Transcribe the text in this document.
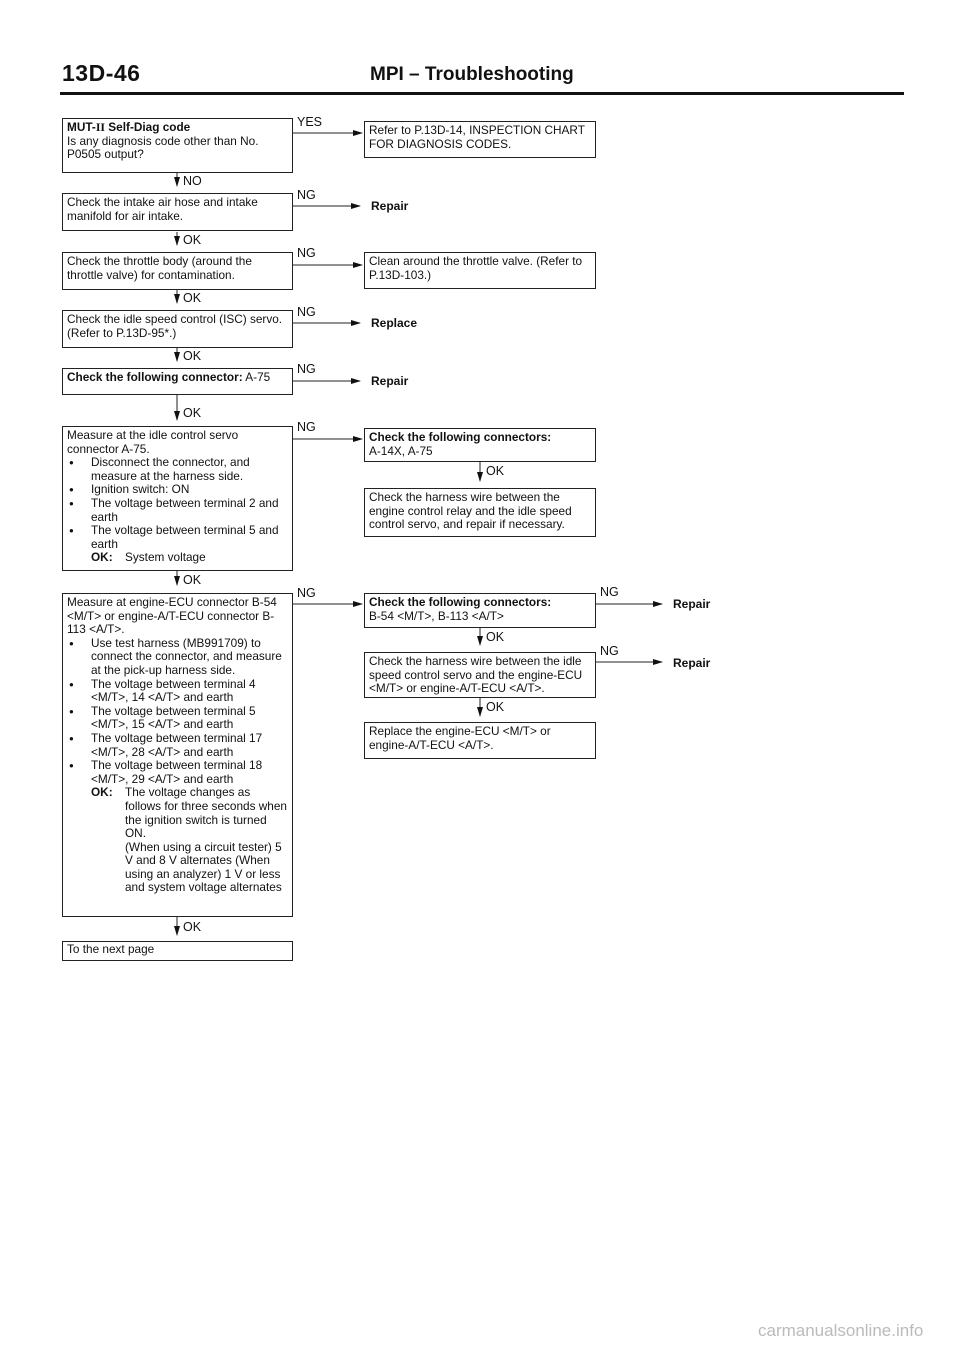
13D-46	MPI – Troubleshooting
MUT-II Self-Diag code
Is any diagnosis code other than No. P0505 output?
Check the intake air hose and intake manifold for air intake.
Check the throttle body (around the throttle valve) for contamination.
Check the idle speed control (ISC) servo. (Refer to P.13D-95*.)
Check the following connector: A-75
Measure at the idle control servo connector A-75.
● Disconnect the connector, and measure at the harness side.
● Ignition switch: ON
● The voltage between terminal 2 and earth
● The voltage between terminal 5 and earth
OK: System voltage
Measure at engine-ECU connector B-54 <M/T> or engine-A/T-ECU connector B-113 <A/T>.
● Use test harness (MB991709) to connect the connector, and measure at the pick-up harness side.
● The voltage between terminal 4 <M/T>, 14 <A/T> and earth
● The voltage between terminal 5 <M/T>, 15 <A/T> and earth
● The voltage between terminal 17 <M/T>, 28 <A/T> and earth
● The voltage between terminal 18 <M/T>, 29 <A/T> and earth
OK:	The voltage changes as follows for three seconds when the ignition switch is turned ON.
(When using a circuit tester) 5 V and 8 V alternates (When using an analyzer) 1 V or less and system voltage alternates
To the next page
Refer to P.13D-14, INSPECTION CHART FOR DIAGNOSIS CODES.
Repair
Clean around the throttle valve. (Refer to P.13D-103.)
Replace
Repair
Check the following connectors:
A-14X, A-75
Check the harness wire between the engine control relay and the idle speed control servo, and repair if necessary.
Check the following connectors:
B-54 <M/T>, B-113 <A/T>
Check the harness wire between the idle speed control servo and the engine-ECU <M/T> or engine-A/T-ECU <A/T>.
Replace the engine-ECU <M/T> or engine-A/T-ECU <A/T>.
Repair
Repair
YES
NO
NG
OK
NG
OK
NG
OK
NG
OK
NG
OK
OK
NG	NG
OK
NG
OK
OK
carmanualsonline.info
